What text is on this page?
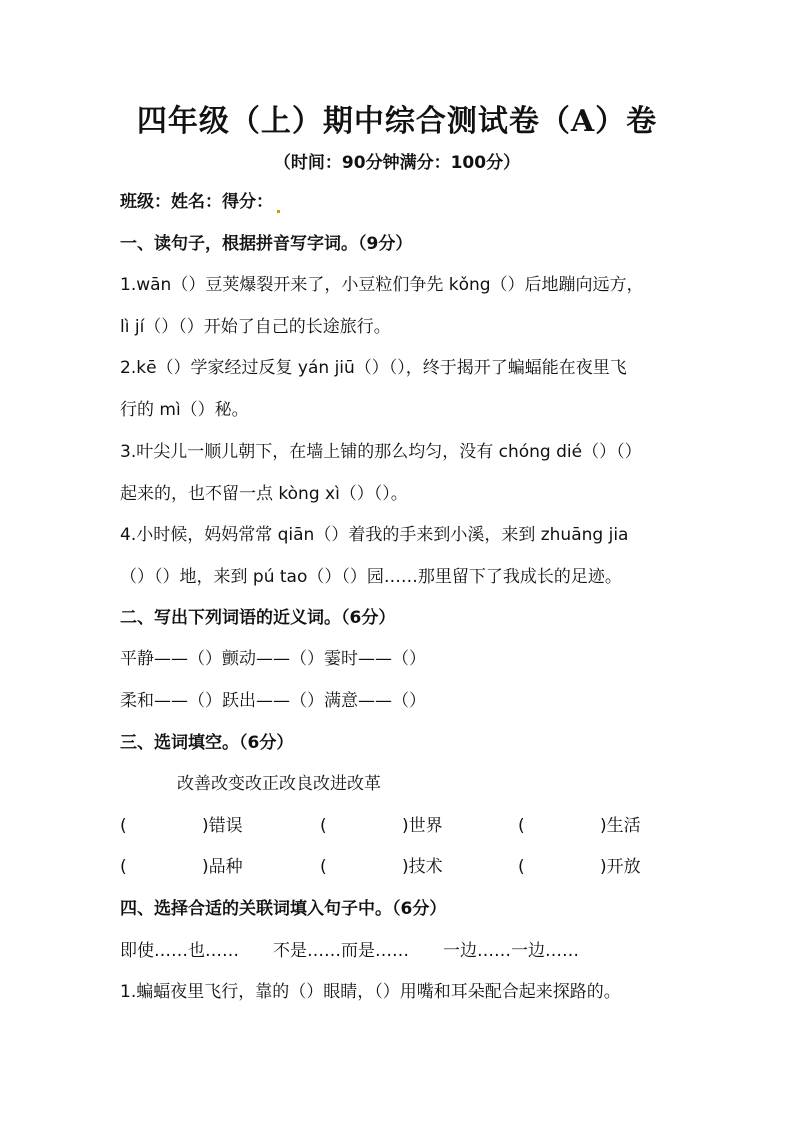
四年级（上）期中综合测试卷（A）卷
（时间：90分钟满分：100分）
班级：姓名：得分：
一、读句子，根据拼音写字词。（9分）
1.wān（）豆荚爆裂开来了，小豆粒们争先 kǒng（）后地蹦向远方，
lì jí（）（）开始了自己的长途旅行。
2.kē（）学家经过反复 yán jiū（）（），终于揭开了蝙蝠能在夜里飞
行的 mì（）秘。
3.叶尖儿一顺儿朝下，在墙上铺的那么均匀，没有 chóng dié（）（）
起来的，也不留一点 kòng xì（）（）。
4.小时候，妈妈常常 qiān（）着我的手来到小溪，来到 zhuāng jia
（）（）地，来到 pú tao（）（）园……那里留下了我成长的足迹。
二、写出下列词语的近义词。（6分）
平静——（）颤动——（）霎时——（）
柔和——（）跃出——（）满意——（）
三、选词填空。（6分）
改善改变改正改良改进改革
(	)错误	(	)世界	(	)生活
(	)品种	(	)技术	(	)开放
四、选择合适的关联词填入句子中。（6分）
即使……也……　　不是……而是……　　一边……一边……
1.蝙蝠夜里飞行，靠的（）眼睛，（）用嘴和耳朵配合起来探路的。
